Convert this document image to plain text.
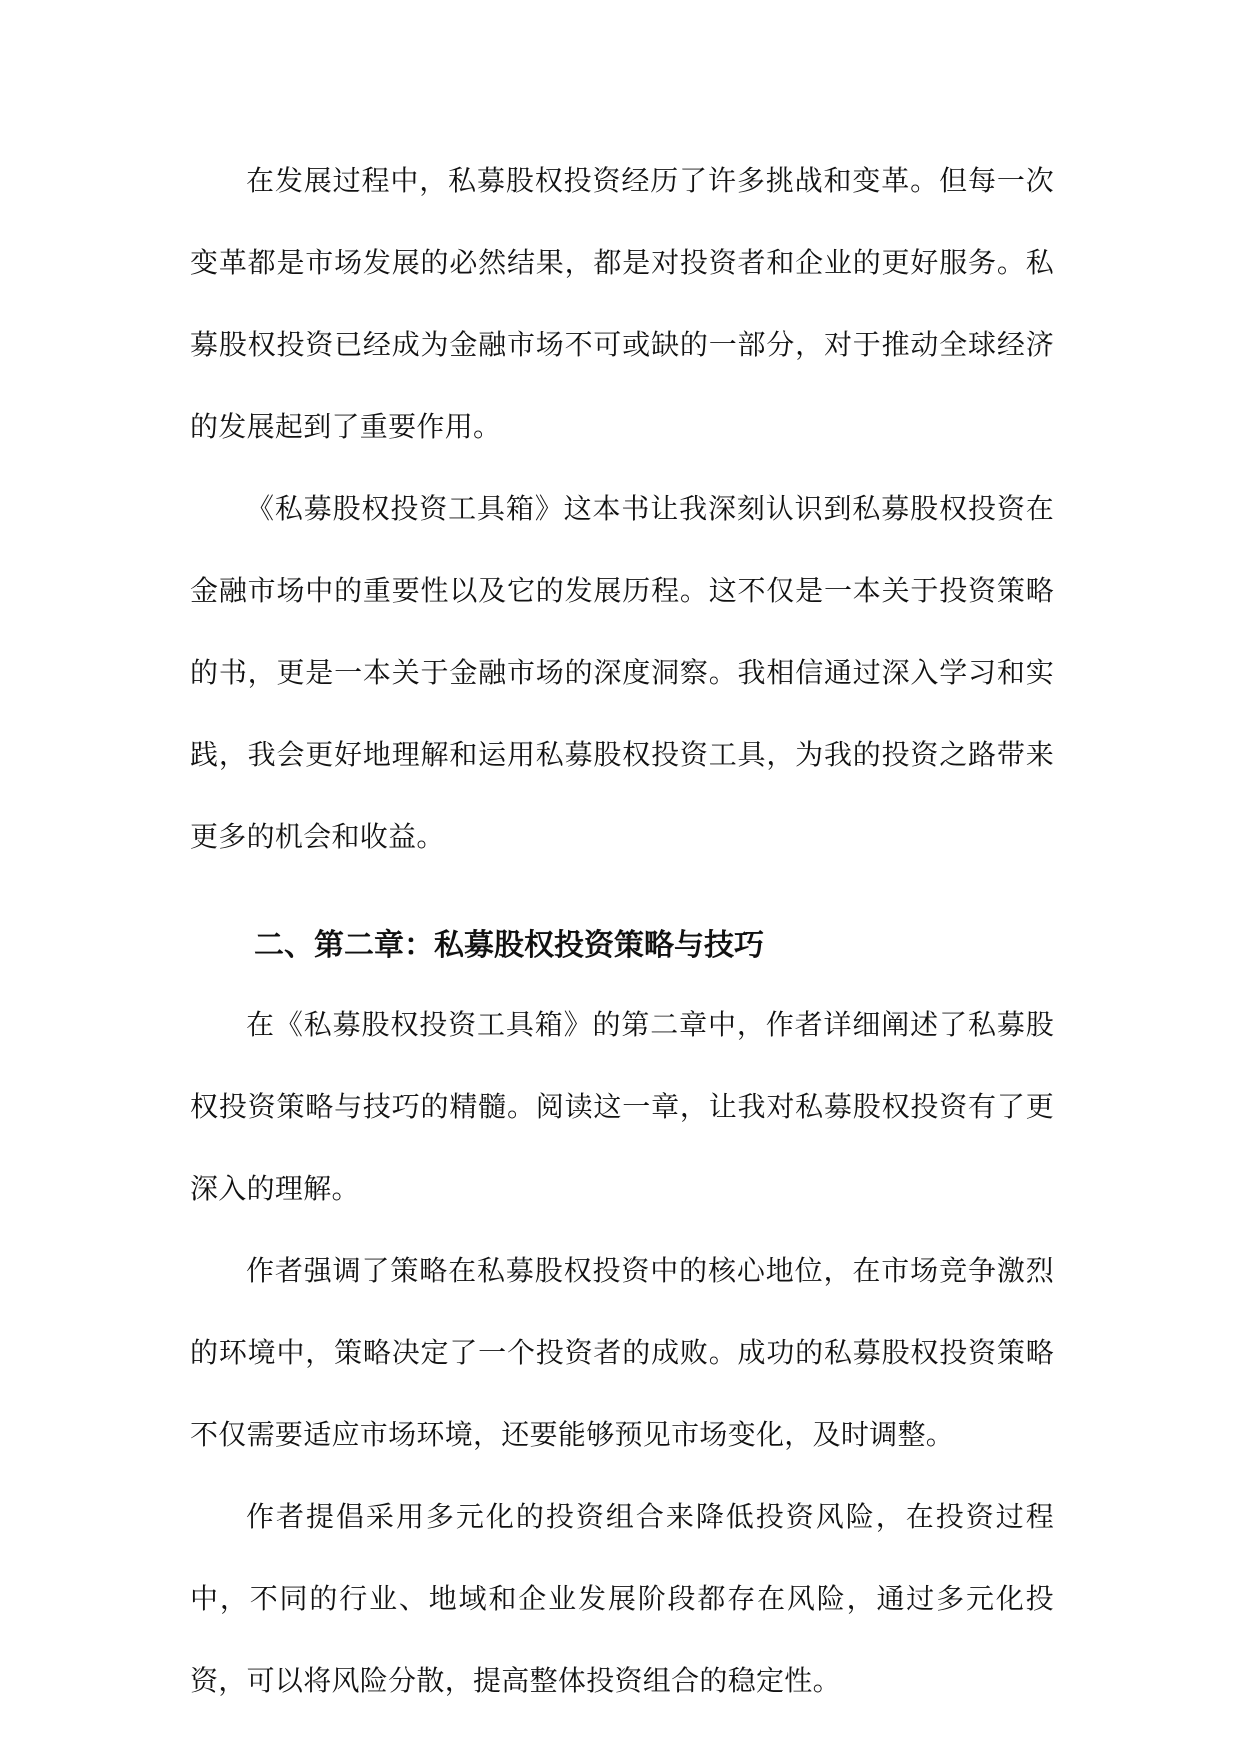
在发展过程中，私募股权投资经历了许多挑战和变革。但每一次变革都是市场发展的必然结果，都是对投资者和企业的更好服务。私募股权投资已经成为金融市场不可或缺的一部分，对于推动全球经济的发展起到了重要作用。

《私募股权投资工具箱》这本书让我深刻认识到私募股权投资在金融市场中的重要性以及它的发展历程。这不仅是一本关于投资策略的书，更是一本关于金融市场的深度洞察。我相信通过深入学习和实践，我会更好地理解和运用私募股权投资工具，为我的投资之路带来更多的机会和收益。

二、第二章：私募股权投资策略与技巧

在《私募股权投资工具箱》的第二章中，作者详细阐述了私募股权投资策略与技巧的精髓。阅读这一章，让我对私募股权投资有了更深入的理解。

作者强调了策略在私募股权投资中的核心地位，在市场竞争激烈的环境中，策略决定了一个投资者的成败。成功的私募股权投资策略不仅需要适应市场环境，还要能够预见市场变化，及时调整。

作者提倡采用多元化的投资组合来降低投资风险，在投资过程中，不同的行业、地域和企业发展阶段都存在风险，通过多元化投资，可以将风险分散，提高整体投资组合的稳定性。
